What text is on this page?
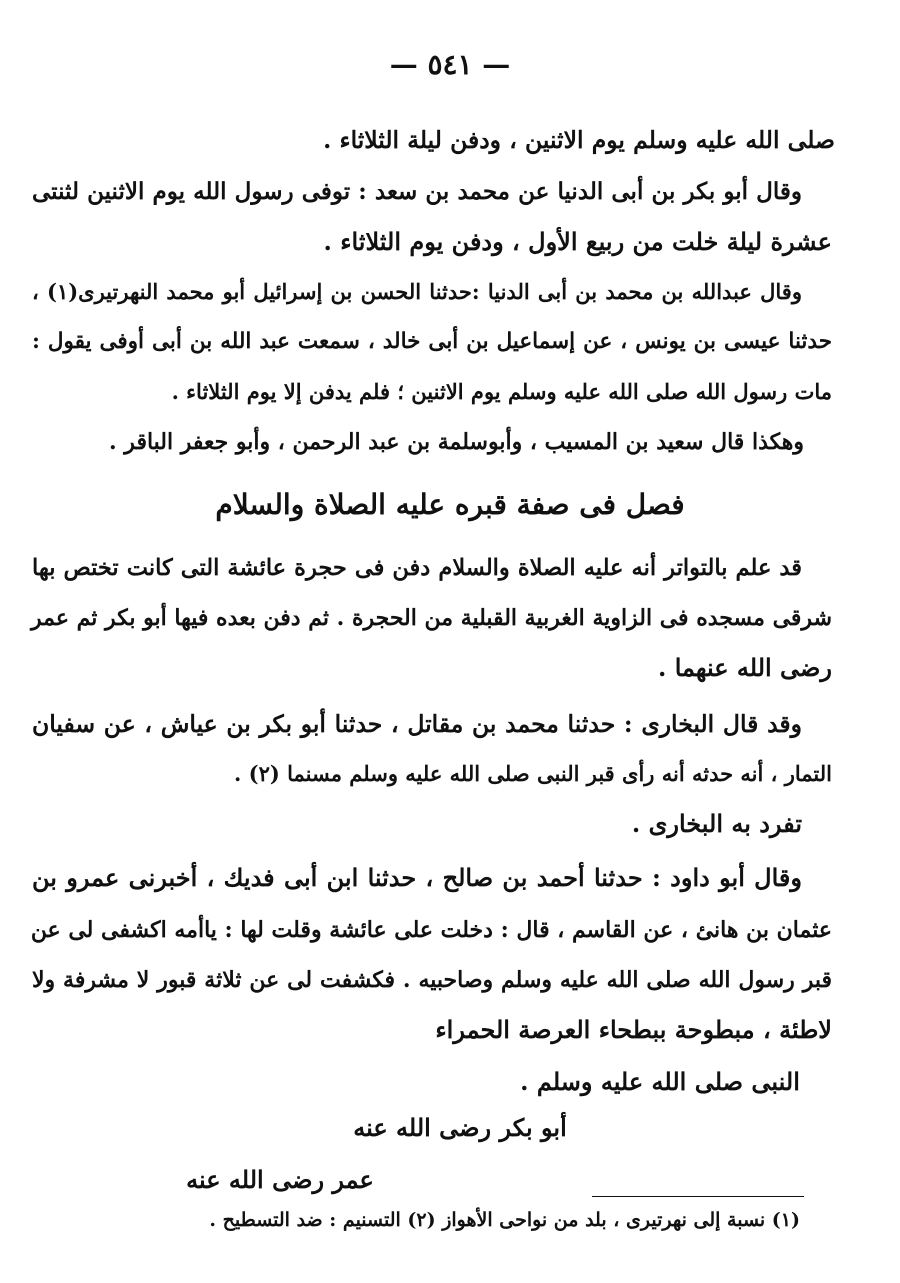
— ٥٤١ —
صلى الله عليه وسلم يوم الاثنين ، ودفن ليلة الثلاثاء .
وقال أبو بكر بن أبى الدنيا عن محمد بن سعد : توفى رسول الله يوم الاثنين لثنتى
عشرة ليلة خلت من ربيع الأول ، ودفن يوم الثلاثاء .
وقال عبدالله بن محمد بن أبى الدنيا :حدثنا الحسن بن إسرائيل أبو محمد النهرتيرى(١) ،
حدثنا عيسى بن يونس ، عن إسماعيل بن أبى خالد ، سمعت عبد الله بن أبى أوفى يقول :
مات رسول الله صلى الله عليه وسلم يوم الاثنين ؛ فلم يدفن إلا يوم الثلاثاء .
وهكذا قال سعيد بن المسيب ، وأبوسلمة بن عبد الرحمن ، وأبو جعفر الباقر .
فصل فى صفة قبره عليه الصلاة والسلام
قد علم بالتواتر أنه عليه الصلاة والسلام دفن فى حجرة عائشة التى كانت تختص بها
شرقى مسجده فى الزاوية الغربية القبلية من الحجرة . ثم دفن بعده فيها أبو بكر ثم عمر
رضى الله عنهما .
وقد قال البخارى : حدثنا محمد بن مقاتل ، حدثنا أبو بكر بن عياش ، عن سفيان
التمار ، أنه حدثه أنه رأى قبر النبى صلى الله عليه وسلم مسنما (٢) .
تفرد به البخارى .
وقال أبو داود : حدثنا أحمد بن صالح ، حدثنا ابن أبى فديك ، أخبرنى عمرو بن
عثمان بن هانئ ، عن القاسم ، قال : دخلت على عائشة وقلت لها : ياأمه اكشفى لى عن
قبر رسول الله صلى الله عليه وسلم وصاحبيه . فكشفت لى عن ثلاثة قبور لا مشرفة ولا
لاطئة ، مبطوحة ببطحاء العرصة الحمراء
النبى صلى الله عليه وسلم .
أبو بكر رضى الله عنه
عمر رضى الله عنه
(١) نسبة إلى نهرتيرى ، بلد من نواحى الأهواز (٢) التسنيم : ضد التسطيح .
